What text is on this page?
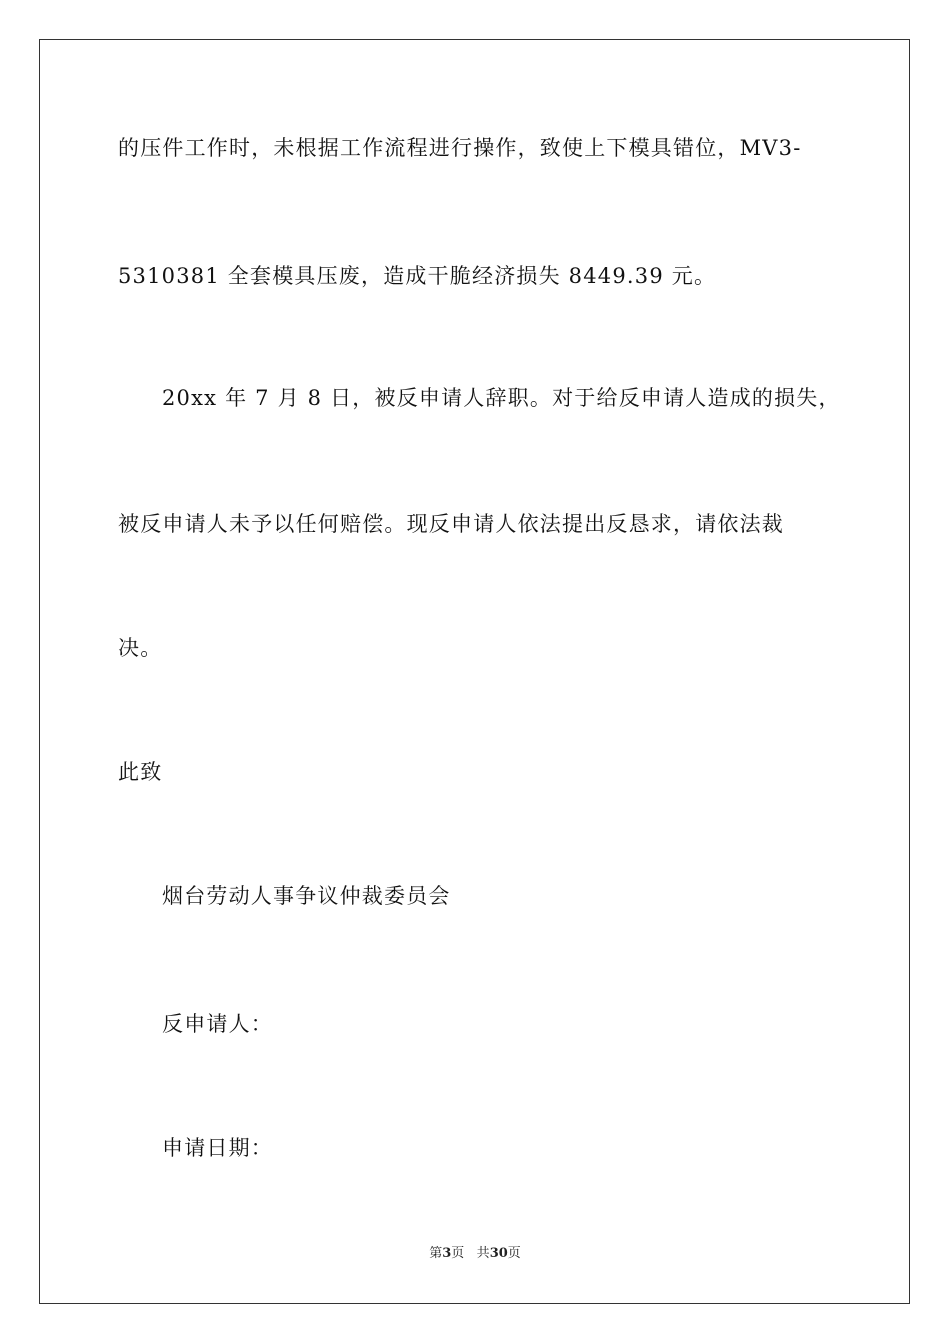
的压件工作时，未根据工作流程进行操作，致使上下模具错位，MV3-
5310381 全套模具压废，造成干脆经济损失 8449.39 元。
20xx 年 7 月 8 日，被反申请人辞职。对于给反申请人造成的损失，
被反申请人未予以任何赔偿。现反申请人依法提出反恳求，请依法裁
决。
此致
烟台劳动人事争议仲裁委员会
反申请人：
申请日期：
第3页 共30页
